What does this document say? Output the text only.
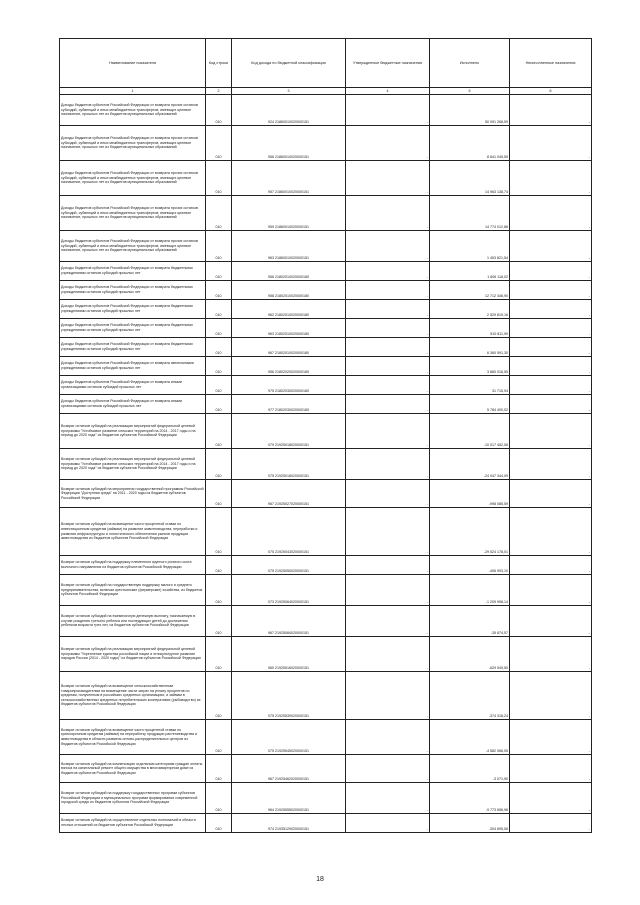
Наименование показателя	Код строки	Код дохода по бюджетной классификации	Утвержденные бюджетные назначения	Исполнено	Неисполненные назначения
1	2	3	4	5	6
Доходы бюджетов субъектов Российской Федерации от возврата прочих остатков субсидий, субвенций и иных межбюджетных трансфертов, имеющих целевое назначение, прошлых лет из бюджетов муниципальных образований	010	924 21860010020000151	-	50 091 268,59	-
Доходы бюджетов субъектов Российской Федерации от возврата прочих остатков субсидий, субвенций и иных межбюджетных трансфертов, имеющих целевое назначение, прошлых лет из бюджетов муниципальных образований	010	956 21860010020000151	-	8 841 045,59	-
Доходы бюджетов субъектов Российской Федерации от возврата прочих остатков субсидий, субвенций и иных межбюджетных трансфертов, имеющих целевое назначение, прошлых лет из бюджетов муниципальных образований	010	957 21860010020000151	-	14 963 138,74	-
Доходы бюджетов субъектов Российской Федерации от возврата прочих остатков субсидий, субвенций и иных межбюджетных трансфертов, имеющих целевое назначение, прошлых лет из бюджетов муниципальных образований	010	959 21860010020000151	-	14 774 012,88	-
Доходы бюджетов субъектов Российской Федерации от возврата прочих остатков субсидий, субвенций и иных межбюджетных трансфертов, имеющих целевое назначение, прошлых лет из бюджетов муниципальных образований	010	963 21860010020000151	-	1 453 821,54	-
Доходы бюджетов субъектов Российской Федерации от возврата бюджетными учреждениями остатков субсидий прошлых лет	010	956 21802010020000180	-	1 606 118,02	-
Доходы бюджетов субъектов Российской Федерации от возврата бюджетными учреждениями остатков субсидий прошлых лет	010	958 21802010020000180	-	12 712 346,90	-
Доходы бюджетов субъектов Российской Федерации от возврата бюджетными учреждениями остатков субсидий прошлых лет	010	962 21802010020000180	-	2 529 819,16	-
Доходы бюджетов субъектов Российской Федерации от возврата бюджетными учреждениями остатков субсидий прошлых лет	010	963 21802010020000180	-	510 811,90	-
Доходы бюджетов субъектов Российской Федерации от возврата бюджетными учреждениями остатков субсидий прошлых лет	010	967 21802010020000180	-	6 360 591,30	-
Доходы бюджетов субъектов Российской Федерации от возврата автономными учреждениями остатков субсидий прошлых лет	010	956 21802020020000180	-	3 880 016,55	-
Доходы бюджетов субъектов Российской Федерации от возврата иными организациями остатков субсидий прошлых лет	010	975 21802030020000180	-	31 716,94	-
Доходы бюджетов субъектов Российской Федерации от возврата иными организациями остатков субсидий прошлых лет	010	977 21802030020000180	-	5 784 400,02	-
Возврат остатков субсидий на реализацию мероприятий федеральной целевой программы "Устойчивое развитие сельских территорий на 2014 - 2017 годы и на период до 2020 года" из бюджетов субъектов Российской Федерации	010	079 21925018020000151	-	-10 017 452,06	-
Возврат остатков субсидий на реализацию мероприятий федеральной целевой программы "Устойчивое развитие сельских территорий на 2014 - 2017 годы и на период до 2020 года" из бюджетов субъектов Российской Федерации	010	075 21925018020000151	-	-24 047 344,09	-
Возврат остатков субсидий на мероприятия государственной программы Российской Федерации "Доступная среда" на 2011 - 2020 годы из бюджетов субъектов Российской Федерации	010	967 21925027020000151	-	-998 085,59	-
Возврат остатков субсидий на возмещение части процентной ставки по инвестиционным кредитам (займам) на развитие животноводства, переработки и развития инфраструктуры и логистического обеспечения рынков продукции животноводства из бюджетов субъектов Российской Федерации	010	075 21925043020000151	-	-29 524 178,01	-
Возврат остатков субсидий на поддержку племенного крупного рогатого скота молочного направления из бюджетов субъектов Российской Федерации	010	075 21925050020000151	-	-406 993,10	-
Возврат остатков субсидий на государственную поддержку малого и среднего предпринимательства, включая крестьянские (фермерские) хозяйства, из бюджетов субъектов Российской Федерации	010	073 21925064020000151	-	-1 209 998,14	-
Возврат остатков субсидий на ежемесячную денежную выплату, назначаемую в случае рождения третьего ребенка или последующих детей до достижения ребенком возраста трех лет, из бюджетов субъектов Российской Федерации	010	967 21925084020000151	-	-35 874,57	-
Возврат остатков субсидий на реализацию мероприятий федеральной целевой программы "Укрепление единства российской нации и этнокультурное развитие народов России (2014 - 2020 годы)" из бюджетов субъектов Российской Федерации	010	960 21925516020000151	-	-629 549,50	-
Возврат остатков субсидий на возмещение сельскохозяйственным товаропроизводителям на возмещение части затрат на уплату процентов по кредитам, полученным в российских кредитных организациях, и займам в сельскохозяйственных кредитных потребительских кооперативах (рыбоводство) из бюджетов субъектов Российской Федерации	010	075 21925539020000151	-	-374 318,24	-
Возврат остатков субсидий на возмещение части процентной ставки по краткосрочным кредитам (займам) на переработку продукции растениеводства и животноводства в области развития оптово-распределительных центров из бюджетов субъектов Российской Федерации	010	075 21925545020000151	-	-4 582 066,05	-
Возврат остатков субсидий на компенсацию отдельным категориям граждан оплаты взноса на капитальный ремонт общего имущества в многоквартирном доме из бюджетов субъектов Российской Федерации	010	967 21925462020000151	-	-3 071,90	-
Возврат остатков субсидий на поддержку государственных программ субъектов Российской Федерации и муниципальных программ формирования современной городской среды из бюджетов субъектов Российской Федерации	010	964 21925555020000151	-	-9 773 656,96	-
Возврат остатков субсидий на осуществление отдельных полномочий в области лесных отношений из бюджетов субъектов Российской Федерации	010	974 21935129020000151	-	-304 695,06	-
18
